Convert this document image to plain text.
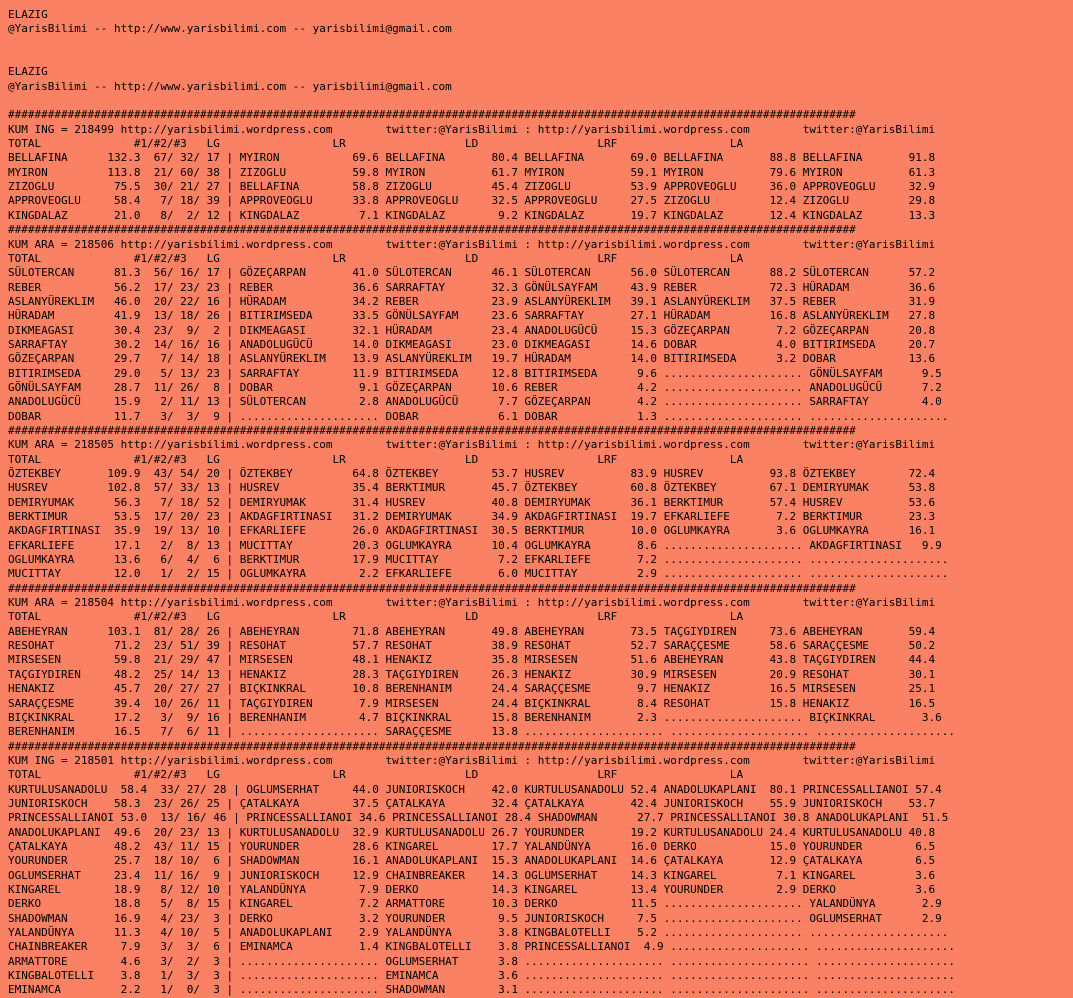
ELAZIG
@YarisBilimi -- http://www.yarisbilimi.com -- yarisbilimi@gmail.com

ELAZIG
@YarisBilimi -- http://www.yarisbilimi.com -- yarisbilimi@gmail.com

################################################################################################################################
KUM ING = 218499 http://yarisbilimi.wordpress.com        twitter:@YarisBilimi : http://yarisbilimi.wordpress.com        twitter:@YarisBilimi
TOTAL              #1/#2/#3   LG                 LR                  LD                  LRF                 LA
BELLAFINA      132.3  67/ 32/ 17 | MYIRON           69.6 BELLAFINA       80.4 BELLAFINA       69.0 BELLAFINA       88.8 BELLAFINA       91.8
MYIRON         113.8  21/ 60/ 38 | ZIZOGLU          59.8 MYIRON          61.7 MYIRON          59.1 MYIRON          79.6 MYIRON          61.3
ZIZOGLU         75.5  30/ 21/ 27 | BELLAFINA        58.8 ZIZOGLU         45.4 ZIZOGLU         53.9 APPROVEOGLU     36.0 APPROVEOGLU     32.9
APPROVEOGLU     58.4   7/ 18/ 39 | APPROVEOGLU      33.8 APPROVEOGLU     32.5 APPROVEOGLU     27.5 ZIZOGLU         12.4 ZIZOGLU         29.8
KINGDALAZ       21.0   8/  2/ 12 | KINGDALAZ         7.1 KINGDALAZ        9.2 KINGDALAZ       19.7 KINGDALAZ       12.4 KINGDALAZ       13.3
################################################################################################################################
KUM ARA = 218506 http://yarisbilimi.wordpress.com        twitter:@YarisBilimi : http://yarisbilimi.wordpress.com        twitter:@YarisBilimi
TOTAL              #1/#2/#3   LG                 LR                  LD                  LRF                 LA
SÜLOTERCAN      81.3  56/ 16/ 17 | GÖZEÇARPAN       41.0 SÜLOTERCAN      46.1 SÜLOTERCAN      56.0 SÜLOTERCAN      88.2 SÜLOTERCAN      57.2
REBER           56.2  17/ 23/ 23 | REBER            36.6 SARRAFTAY       32.3 GÖNÜLSAYFAM     43.9 REBER           72.3 HÜRADAM         36.6
ASLANYÜREKLIM   46.0  20/ 22/ 16 | HÜRADAM          34.2 REBER           23.9 ASLANYÜREKLIM   39.1 ASLANYÜREKLIM   37.5 REBER           31.9
HÜRADAM         41.9  13/ 18/ 26 | BITIRIMSEDA      33.5 GÖNÜLSAYFAM     23.6 SARRAFTAY       27.1 HÜRADAM         16.8 ASLANYÜREKLIM   27.8
DIKMEAGASI      30.4  23/  9/  2 | DIKMEAGASI       32.1 HÜRADAM         23.4 ANADOLUGÜCÜ     15.3 GÖZEÇARPAN       7.2 GÖZEÇARPAN      20.8
SARRAFTAY       30.2  14/ 16/ 16 | ANADOLUGÜCÜ      14.0 DIKMEAGASI      23.0 DIKMEAGASI      14.6 DOBAR            4.0 BITIRIMSEDA     20.7
GÖZEÇARPAN      29.7   7/ 14/ 18 | ASLANYÜREKLIM    13.9 ASLANYÜREKLIM   19.7 HÜRADAM         14.0 BITIRIMSEDA      3.2 DOBAR           13.6
BITIRIMSEDA     29.0   5/ 13/ 23 | SARRAFTAY        11.9 BITIRIMSEDA     12.8 BITIRIMSEDA      9.6 ..................... GÖNÜLSAYFAM      9.5
GÖNÜLSAYFAM     28.7  11/ 26/  8 | DOBAR             9.1 GÖZEÇARPAN      10.6 REBER            4.2 ..................... ANADOLUGÜCÜ      7.2
ANADOLUGÜCÜ     15.9   2/ 11/ 13 | SÜLOTERCAN        2.8 ANADOLUGÜCÜ      7.7 GÖZEÇARPAN       4.2 ..................... SARRAFTAY        4.0
DOBAR           11.7   3/  3/  9 | ..................... DOBAR            6.1 DOBAR            1.3 ..................... .....................
################################################################################################################################
KUM ARA = 218505 http://yarisbilimi.wordpress.com        twitter:@YarisBilimi : http://yarisbilimi.wordpress.com        twitter:@YarisBilimi
TOTAL              #1/#2/#3   LG                 LR                  LD                  LRF                 LA
ÖZTEKBEY       109.9  43/ 54/ 20 | ÖZTEKBEY         64.8 ÖZTEKBEY        53.7 HUSREV          83.9 HUSREV          93.8 ÖZTEKBEY        72.4
HUSREV         102.8  57/ 33/ 13 | HUSREV           35.4 BERKTIMUR       45.7 ÖZTEKBEY        60.8 ÖZTEKBEY        67.1 DEMIRYUMAK      53.8
DEMIRYUMAK      56.3   7/ 18/ 52 | DEMIRYUMAK       31.4 HUSREV          40.8 DEMIRYUMAK      36.1 BERKTIMUR       57.4 HUSREV          53.6
BERKTIMUR       53.5  17/ 20/ 23 | AKDAGFIRTINASI   31.2 DEMIRYUMAK      34.9 AKDAGFIRTINASI  19.7 EFKARLIEFE       7.2 BERKTIMUR       23.3
AKDAGFIRTINASI  35.9  19/ 13/ 10 | EFKARLIEFE       26.0 AKDAGFIRTINASI  30.5 BERKTIMUR       10.0 OGLUMKAYRA       3.6 OGLUMKAYRA      16.1
EFKARLIEFE      17.1   2/  8/ 13 | MUCITTAY         20.3 OGLUMKAYRA      10.4 OGLUMKAYRA       8.6 ..................... AKDAGFIRTINASI   9.9
OGLUMKAYRA      13.6   6/  4/  6 | BERKTIMUR        17.9 MUCITTAY         7.2 EFKARLIEFE       7.2 ..................... .....................
MUCITTAY        12.0   1/  2/ 15 | OGLUMKAYRA        2.2 EFKARLIEFE       6.0 MUCITTAY         2.9 ..................... .....................
################################################################################################################################
KUM ARA = 218504 http://yarisbilimi.wordpress.com        twitter:@YarisBilimi : http://yarisbilimi.wordpress.com        twitter:@YarisBilimi
TOTAL              #1/#2/#3   LG                 LR                  LD                  LRF                 LA
ABEHEYRAN      103.1  81/ 28/ 26 | ABEHEYRAN        71.8 ABEHEYRAN       49.8 ABEHEYRAN       73.5 TAÇGIYDIREN     73.6 ABEHEYRAN       59.4
RESOHAT         71.2  23/ 51/ 39 | RESOHAT          57.7 RESOHAT         38.9 RESOHAT         52.7 SARAÇÇESME      58.6 SARAÇÇESME      50.2
MIRSESEN        59.8  21/ 29/ 47 | MIRSESEN         48.1 HENAKIZ         35.8 MIRSESEN        51.6 ABEHEYRAN       43.8 TAÇGIYDIREN     44.4
TAÇGIYDIREN     48.2  25/ 14/ 13 | HENAKIZ          28.3 TAÇGIYDIREN     26.3 HENAKIZ         30.9 MIRSESEN        20.9 RESOHAT         30.1
HENAKIZ         45.7  20/ 27/ 27 | BIÇKINKRAL       10.8 BERENHANIM      24.4 SARAÇÇESME       9.7 HENAKIZ         16.5 MIRSESEN        25.1
SARAÇÇESME      39.4  10/ 26/ 11 | TAÇGIYDIREN       7.9 MIRSESEN        24.4 BIÇKINKRAL       8.4 RESOHAT         15.8 HENAKIZ         16.5
BIÇKINKRAL      17.2   3/  9/ 16 | BERENHANIM        4.7 BIÇKINKRAL      15.8 BERENHANIM       2.3 ..................... BIÇKINKRAL       3.6
BERENHANIM      16.5   7/  6/ 11 | ..................... SARAÇÇESME      13.8 ..................... ..................... .....................
################################################################################################################################
KUM ING = 218501 http://yarisbilimi.wordpress.com        twitter:@YarisBilimi : http://yarisbilimi.wordpress.com        twitter:@YarisBilimi
TOTAL              #1/#2/#3   LG                 LR                  LD                  LRF                 LA
KURTULUSANADOLU  58.4  33/ 27/ 28 | OGLUMSERHAT     44.0 JUNIORISKOCH    42.0 KURTULUSANADOLU 52.4 ANADOLUKAPLANI  80.1 PRINCESSALLIANOI 57.4
JUNIORISKOCH    58.3  23/ 26/ 25 | ÇATALKAYA        37.5 ÇATALKAYA       32.4 ÇATALKAYA       42.4 JUNIORISKOCH    55.9 JUNIORISKOCH    53.7
PRINCESSALLIANOI 53.0  13/ 16/ 46 | PRINCESSALLIANOI 34.6 PRINCESSALLIANOI 28.4 SHADOWMAN      27.7 PRINCESSALLIANOI 30.8 ANADOLUKAPLANI  51.5
ANADOLUKAPLANI  49.6  20/ 23/ 13 | KURTULUSANADOLU  32.9 KURTULUSANADOLU 26.7 YOURUNDER       19.2 KURTULUSANADOLU 24.4 KURTULUSANADOLU 40.8
ÇATALKAYA       48.2  43/ 11/ 15 | YOURUNDER        28.6 KINGAREL        17.7 YALANDÜNYA      16.0 DERKO           15.0 YOURUNDER        6.5
YOURUNDER       25.7  18/ 10/  6 | SHADOWMAN        16.1 ANADOLUKAPLANI  15.3 ANADOLUKAPLANI  14.6 ÇATALKAYA       12.9 ÇATALKAYA        6.5
OGLUMSERHAT     23.4  11/ 16/  9 | JUNIORISKOCH     12.9 CHAINBREAKER    14.3 OGLUMSERHAT     14.3 KINGAREL         7.1 KINGAREL         3.6
KINGAREL        18.9   8/ 12/ 10 | YALANDÜNYA        7.9 DERKO           14.3 KINGAREL        13.4 YOURUNDER        2.9 DERKO            3.6
DERKO           18.8   5/  8/ 15 | KINGAREL          7.2 ARMATTORE       10.3 DERKO           11.5 ..................... YALANDÜNYA       2.9
SHADOWMAN       16.9   4/ 23/  3 | DERKO             3.2 YOURUNDER        9.5 JUNIORISKOCH     7.5 ..................... OGLUMSERHAT      2.9
YALANDÜNYA      11.3   4/ 10/  5 | ANADOLUKAPLANI    2.9 YALANDÜNYA       3.8 KINGBALOTELLI    5.2 ..................... .....................
CHAINBREAKER     7.9   3/  3/  6 | EMINAMCA          1.4 KINGBALOTELLI    3.8 PRINCESSALLIANOI  4.9 ..................... .....................
ARMATTORE        4.6   3/  2/  3 | ..................... OGLUMSERHAT      3.8 ..................... ..................... .....................
KINGBALOTELLI    3.8   1/  3/  3 | ..................... EMINAMCA         3.6 ..................... ..................... .....................
EMINAMCA         2.2   1/  0/  3 | ..................... SHADOWMAN        3.1 ..................... ..................... .....................
